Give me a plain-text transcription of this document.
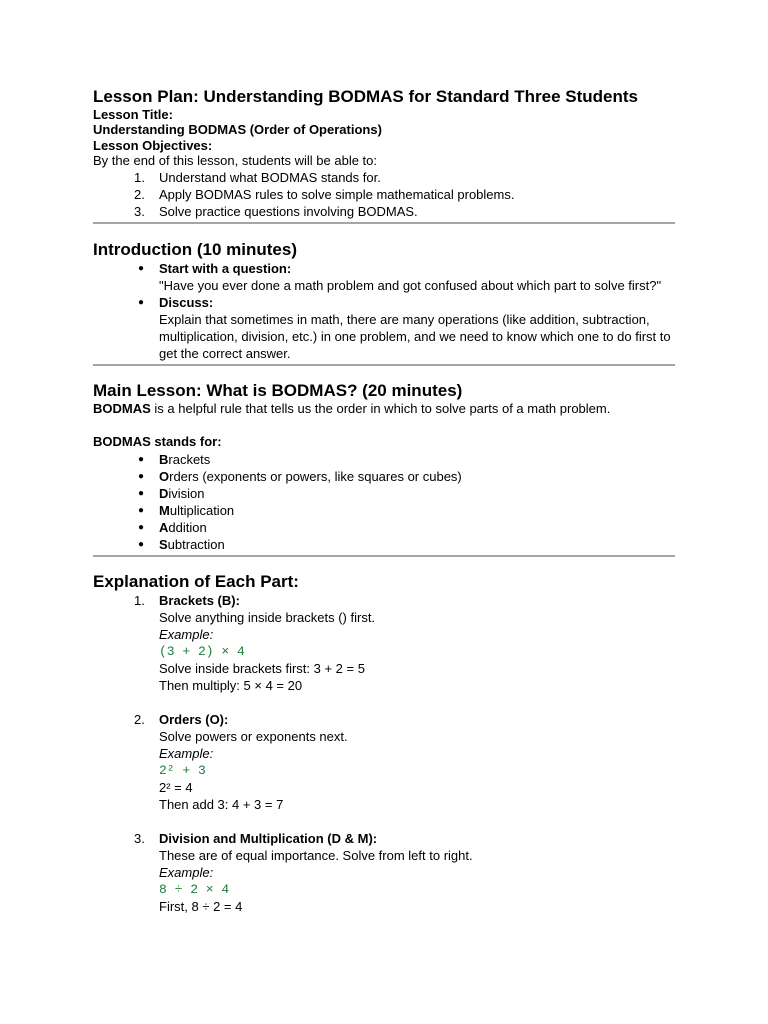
Lesson Plan: Understanding BODMAS for Standard Three Students

Lesson Title:

Understanding BODMAS (Order of Operations)

Lesson Objectives:

By the end of this lesson, students will be able to:

1.	Understand what BODMAS stands for.
2.	Apply BODMAS rules to solve simple mathematical problems.
3.	Solve practice questions involving BODMAS.

Introduction (10 minutes)

● Start with a question:
"Have you ever done a math problem and got confused about which part to solve first?"
● Discuss:
Explain that sometimes in math, there are many operations (like addition, subtraction, multiplication, division, etc.) in one problem, and we need to know which one to do first to get the correct answer.

Main Lesson: What is BODMAS? (20 minutes)

BODMAS is a helpful rule that tells us the order in which to solve parts of a math problem.

BODMAS stands for:

● Brackets
● Orders (exponents or powers, like squares or cubes)
● Division
● Multiplication
● Addition
● Subtraction

Explanation of Each Part:

1.	Brackets (B):
Solve anything inside brackets () first.
Example:
(3 + 2) × 4
Solve inside brackets first: 3 + 2 = 5
Then multiply: 5 × 4 = 20
2.	Orders (O):
Solve powers or exponents next.
Example:
2² + 3
2² = 4
Then add 3: 4 + 3 = 7
3.	Division and Multiplication (D & M):
These are of equal importance. Solve from left to right.
Example:
8 ÷ 2 × 4
First, 8 ÷ 2 = 4
